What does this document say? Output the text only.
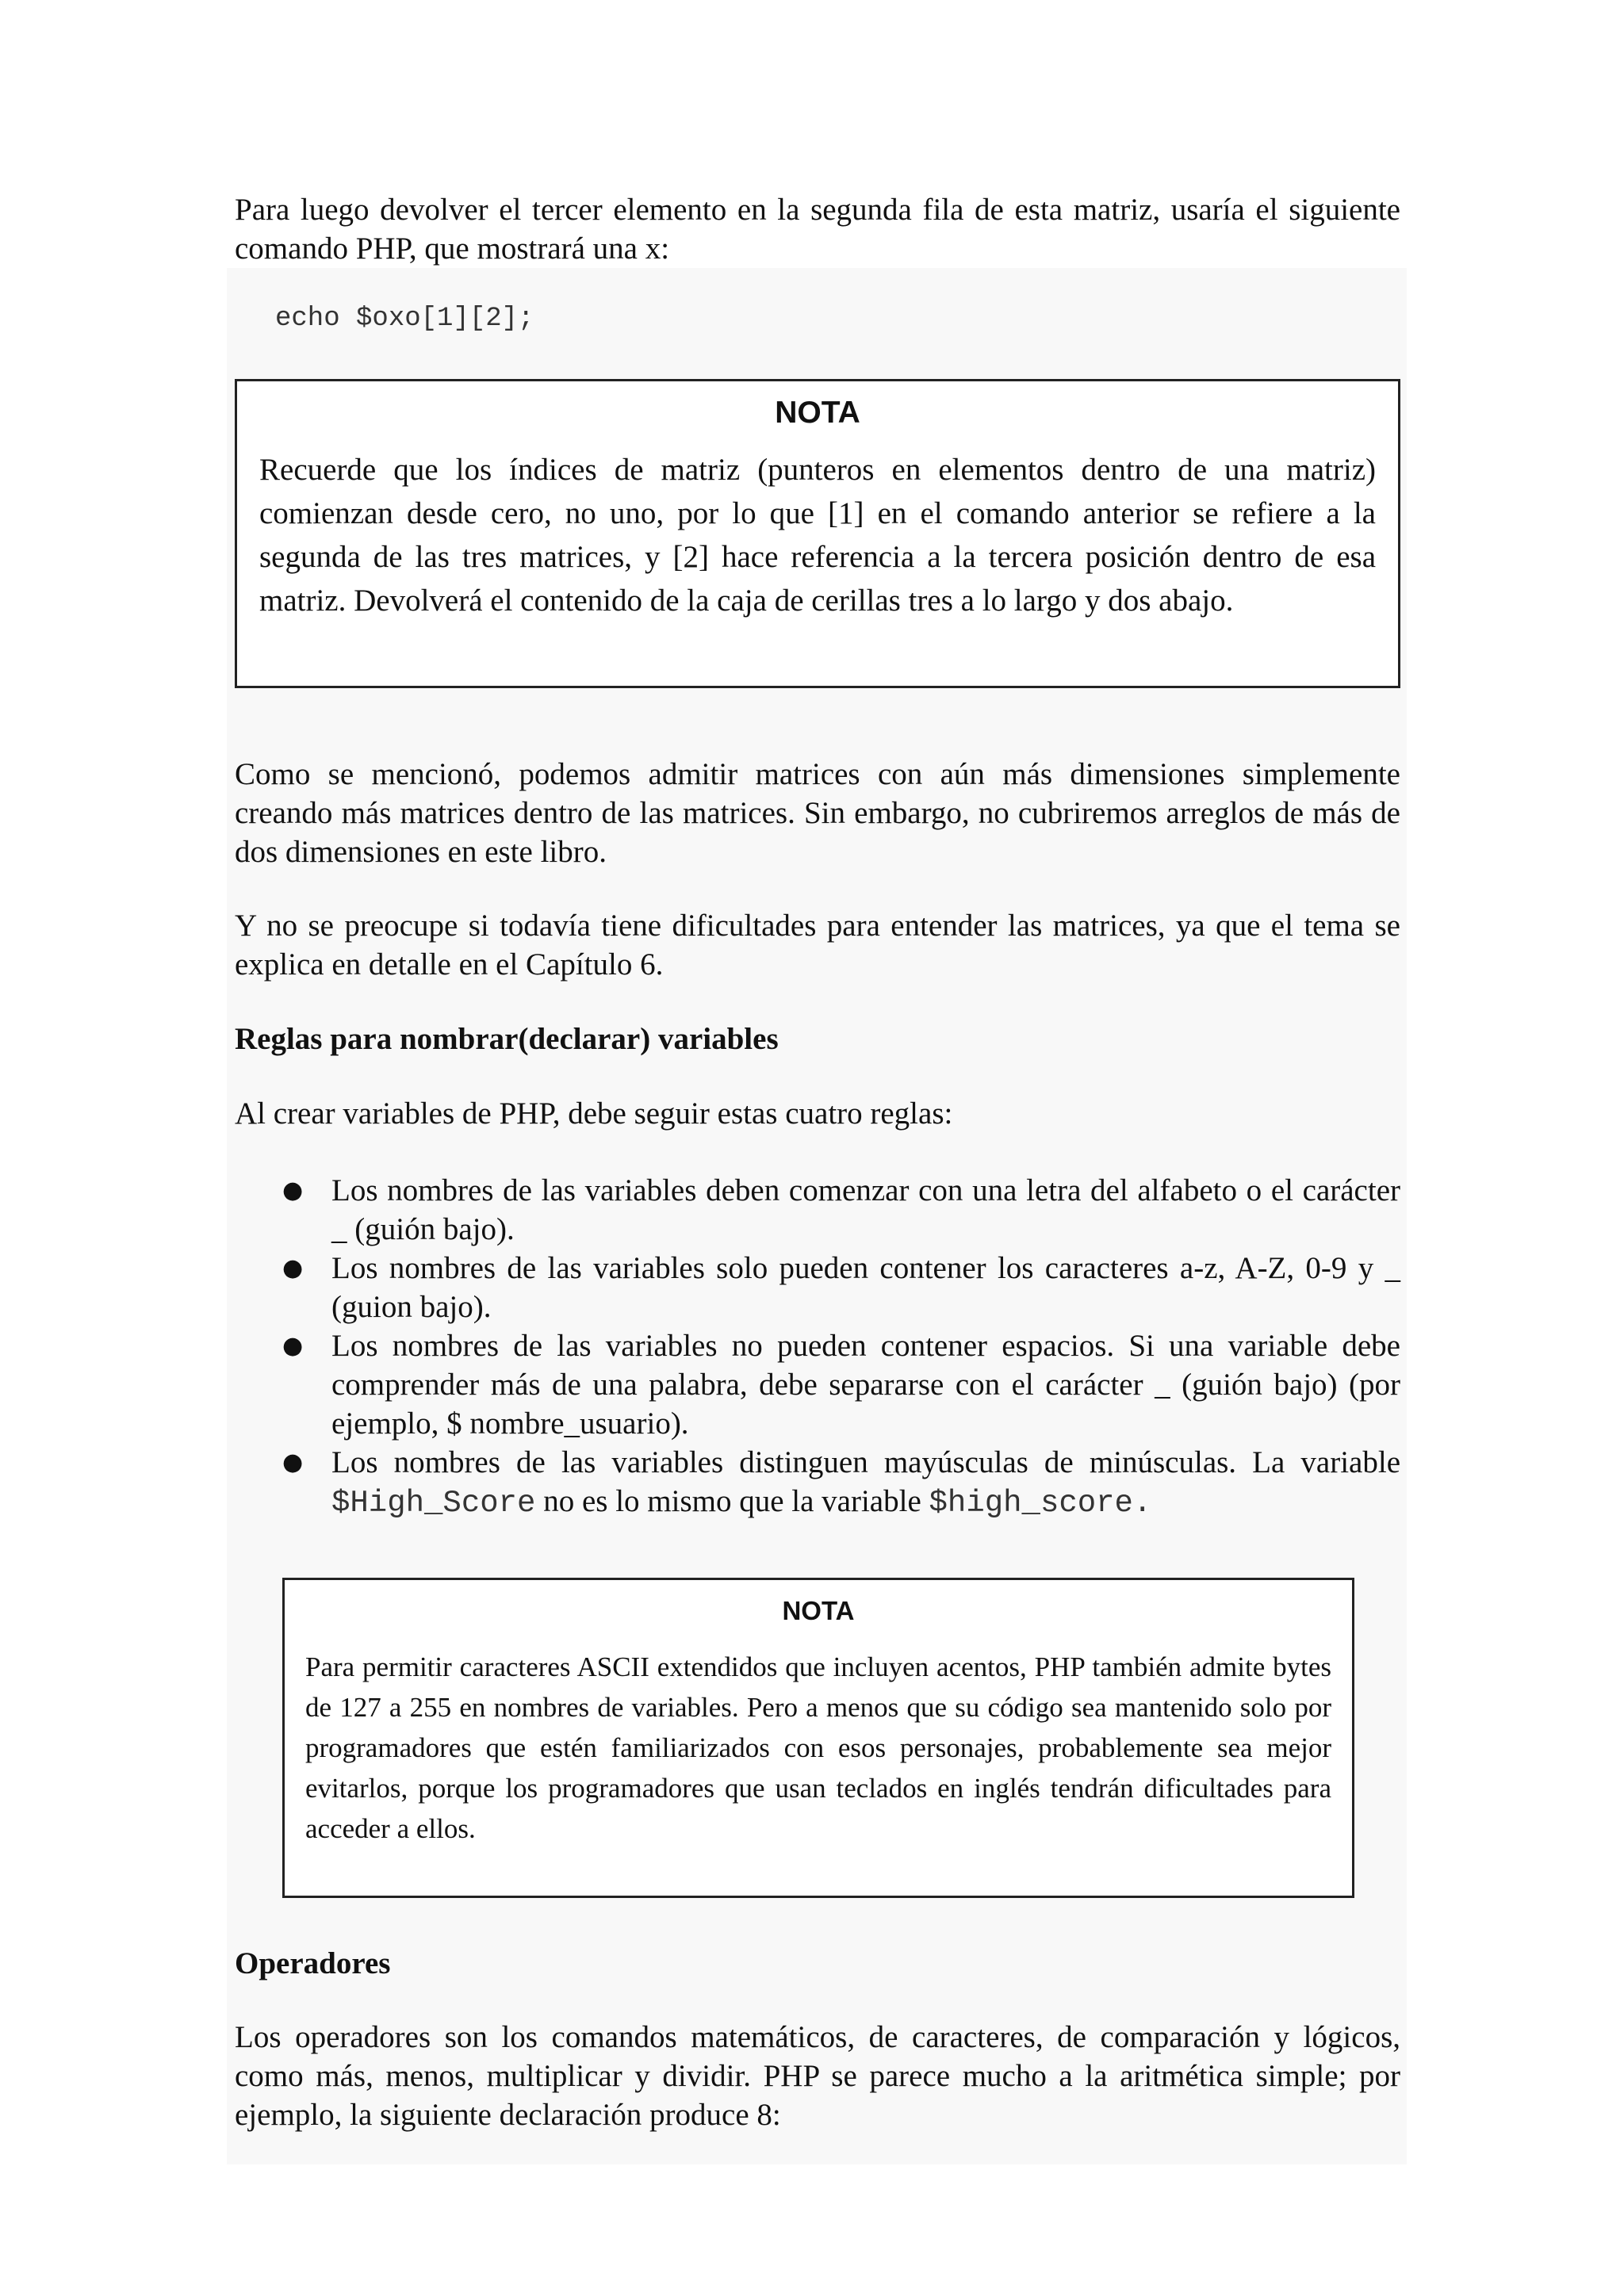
Para luego devolver el tercer elemento en la segunda fila de esta matriz, usaría el siguiente comando PHP, que mostrará una x:

echo $oxo[1][2];
NOTA

Recuerde que los índices de matriz (punteros en elementos dentro de una matriz) comienzan desde cero, no uno, por lo que [1] en el comando anterior se refiere a la segunda de las tres matrices, y [2] hace referencia a la tercera posición dentro de esa matriz. Devolverá el contenido de la caja de cerillas tres a lo largo y dos abajo.

Como se mencionó, podemos admitir matrices con aún más dimensiones simplemente creando más matrices dentro de las matrices. Sin embargo, no cubriremos arreglos de más de dos dimensiones en este libro.

Y no se preocupe si todavía tiene dificultades para entender las matrices, ya que el tema se explica en detalle en el Capítulo 6.

Reglas para nombrar(declarar) variables

Al crear variables de PHP, debe seguir estas cuatro reglas:

● Los nombres de las variables deben comenzar con una letra del alfabeto o el carácter _ (guión bajo).
● Los nombres de las variables solo pueden contener los caracteres a-z, A-Z, 0-9 y _ (guion bajo).
● Los nombres de las variables no pueden contener espacios. Si una variable debe comprender más de una palabra, debe separarse con el carácter _ (guión bajo) (por ejemplo, $ nombre_usuario).
● Los nombres de las variables distinguen mayúsculas de minúsculas. La variable $High_Score no es lo mismo que la variable $high_score.
NOTA

Para permitir caracteres ASCII extendidos que incluyen acentos, PHP también admite bytes de 127 a 255 en nombres de variables. Pero a menos que su código sea mantenido solo por programadores que estén familiarizados con esos personajes, probablemente sea mejor evitarlos, porque los programadores que usan teclados en inglés tendrán dificultades para acceder a ellos.

Operadores

Los operadores son los comandos matemáticos, de caracteres, de comparación y lógicos, como más, menos, multiplicar y dividir. PHP se parece mucho a la aritmética simple; por ejemplo, la siguiente declaración produce 8:
